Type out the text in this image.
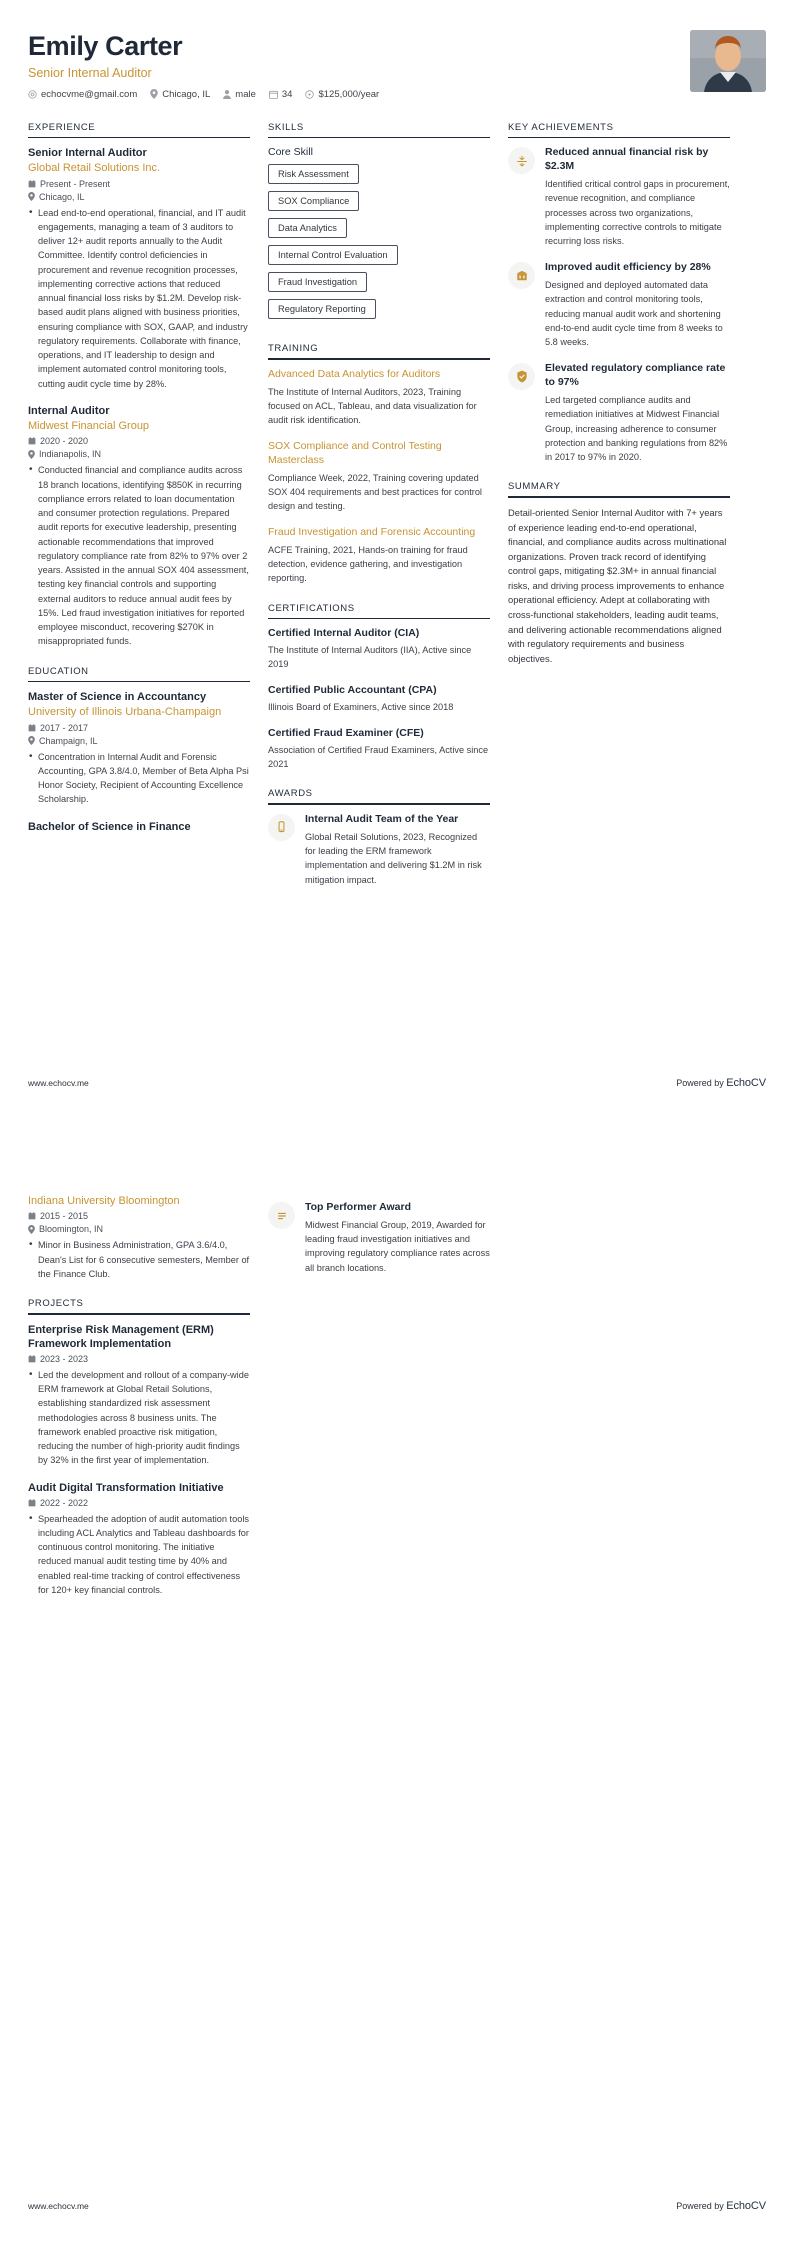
Emily Carter
Senior Internal Auditor
echocvme@gmail.com	Chicago, IL	male	34	$125,000/year
EXPERIENCE
Senior Internal Auditor
Global Retail Solutions Inc.
Present - Present
Chicago, IL
• Lead end-to-end operational, financial, and IT audit engagements, managing a team of 3 auditors to deliver 12+ audit reports annually to the Audit Committee. Identify control deficiencies in procurement and revenue recognition processes, implementing corrective actions that reduced annual financial loss risks by $1.2M. Develop risk-based audit plans aligned with business priorities, ensuring compliance with SOX, GAAP, and industry regulatory requirements. Collaborate with finance, operations, and IT leadership to design and implement automated control monitoring tools, cutting audit cycle time by 28%.
Internal Auditor
Midwest Financial Group
2020 - 2020
Indianapolis, IN
• Conducted financial and compliance audits across 18 branch locations, identifying $850K in recurring compliance errors related to loan documentation and consumer protection regulations. Prepared audit reports for executive leadership, presenting actionable recommendations that improved regulatory compliance rate from 82% to 97% over 2 years. Assisted in the annual SOX 404 assessment, testing key financial controls and supporting external auditors to reduce annual audit fees by 15%. Led fraud investigation initiatives for reported employee misconduct, recovering $270K in misappropriated funds.
EDUCATION
Master of Science in Accountancy
University of Illinois Urbana-Champaign
2017 - 2017
Champaign, IL
• Concentration in Internal Audit and Forensic Accounting, GPA 3.8/4.0, Member of Beta Alpha Psi Honor Society, Recipient of Accounting Excellence Scholarship.
Bachelor of Science in Finance
SKILLS
Core Skill
Risk Assessment
SOX Compliance
Data Analytics
Internal Control Evaluation
Fraud Investigation
Regulatory Reporting
TRAINING
Advanced Data Analytics for Auditors
The Institute of Internal Auditors, 2023, Training focused on ACL, Tableau, and data visualization for audit risk identification.
SOX Compliance and Control Testing Masterclass
Compliance Week, 2022, Training covering updated SOX 404 requirements and best practices for control design and testing.
Fraud Investigation and Forensic Accounting
ACFE Training, 2021, Hands-on training for fraud detection, evidence gathering, and investigation reporting.
CERTIFICATIONS
Certified Internal Auditor (CIA)
The Institute of Internal Auditors (IIA), Active since 2019
Certified Public Accountant (CPA)
Illinois Board of Examiners, Active since 2018
Certified Fraud Examiner (CFE)
Association of Certified Fraud Examiners, Active since 2021
AWARDS
Internal Audit Team of the Year
Global Retail Solutions, 2023, Recognized for leading the ERM framework implementation and delivering $1.2M in risk mitigation impact.
KEY ACHIEVEMENTS
Reduced annual financial risk by $2.3M
Identified critical control gaps in procurement, revenue recognition, and compliance processes across two organizations, implementing corrective controls to mitigate recurring loss risks.
Improved audit efficiency by 28%
Designed and deployed automated data extraction and control monitoring tools, reducing manual audit work and shortening end-to-end audit cycle time from 8 weeks to 5.8 weeks.
Elevated regulatory compliance rate to 97%
Led targeted compliance audits and remediation initiatives at Midwest Financial Group, increasing adherence to consumer protection and banking regulations from 82% in 2017 to 97% in 2020.
SUMMARY
Detail-oriented Senior Internal Auditor with 7+ years of experience leading end-to-end operational, financial, and compliance audits across multinational organizations. Proven track record of identifying control gaps, mitigating $2.3M+ in annual financial risks, and driving process improvements to enhance operational efficiency. Adept at collaborating with cross-functional stakeholders, leading audit teams, and delivering actionable recommendations aligned with regulatory requirements and business objectives.
www.echocv.me	Powered by EchoCV
Indiana University Bloomington
2015 - 2015
Bloomington, IN
• Minor in Business Administration, GPA 3.6/4.0, Dean's List for 6 consecutive semesters, Member of the Finance Club.
PROJECTS
Enterprise Risk Management (ERM) Framework Implementation
2023 - 2023
• Led the development and rollout of a company-wide ERM framework at Global Retail Solutions, establishing standardized risk assessment methodologies across 8 business units. The framework enabled proactive risk mitigation, reducing the number of high-priority audit findings by 32% in the first year of implementation.
Audit Digital Transformation Initiative
2022 - 2022
• Spearheaded the adoption of audit automation tools including ACL Analytics and Tableau dashboards for continuous control monitoring. The initiative reduced manual audit testing time by 40% and enabled real-time tracking of control effectiveness for 120+ key financial controls.
Top Performer Award
Midwest Financial Group, 2019, Awarded for leading fraud investigation initiatives and improving regulatory compliance rates across all branch locations.
www.echocv.me	Powered by EchoCV
